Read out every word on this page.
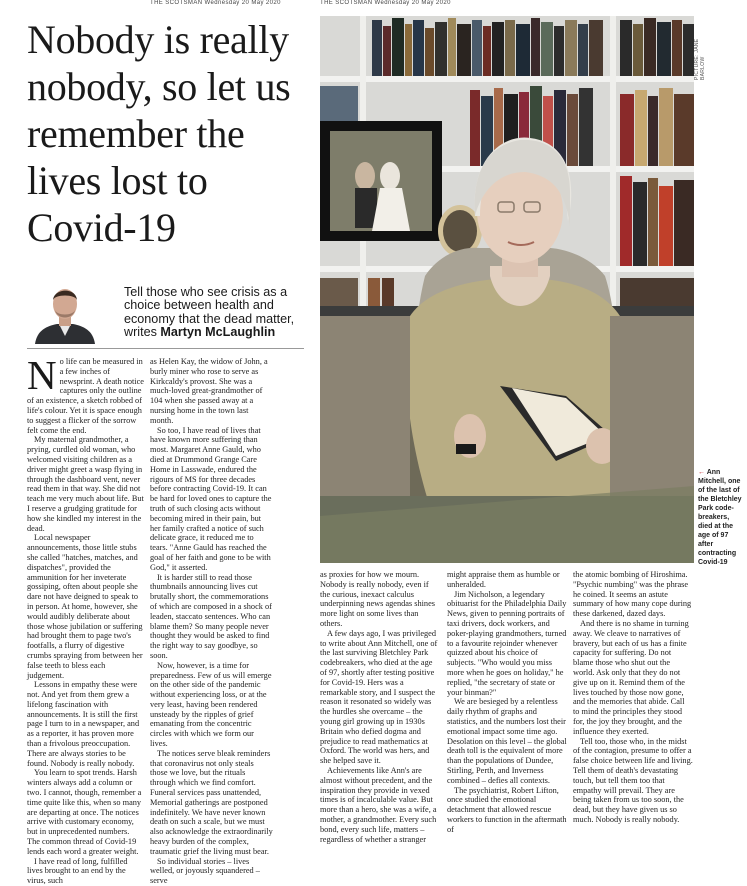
THE SCOTSMAN Wednesday 20 May 2020	THE SCOTSMAN Wednesday 20 May 2020
Nobody is really nobody, so let us remember the lives lost to Covid-19

Tell those who see crisis as a choice between health and economy that the dead matter, writes Martyn McLaughlin

N o life can be measured in a few inches of newsprint. A death notice captures only the outline of an existence, a sketch robbed of life's colour. Yet it is space enough to suggest a flicker of the sorrow felt come the end.

My maternal grandmother, a prying, curdled old woman, who welcomed visiting children as a driver might greet a wasp flying in through the dashboard vent, never read them in that way. She did not teach me very much about life. But I reserve a grudging gratitude for how she kindled my interest in the dead.

Local newspaper announcements, those little stubs she called "hatches, matches, and dispatches", provided the ammunition for her inveterate gossiping, often about people she dare not have deigned to speak to in person. At home, however, she would audibly deliberate about those whose jubilation or suffering had brought them to page two's footfalls, a flurry of digestive crumbs spraying from between her false teeth to bless each judgement.

Lessons in empathy these were not. And yet from them grew a lifelong fascination with announcements. It is still the first page I turn to in a newspaper, and as a reporter, it has proven more than a frivolous preoccupation. There are always stories to be found. Nobody is really nobody.

You learn to spot trends. Harsh winters always add a column or two. I cannot, though, remember a time quite like this, when so many are departing at once. The notices arrive with customary economy, but in unprecedented numbers. The common thread of Covid-19 lends each word a greater weight.

I have read of long, fulfilled lives brought to an end by the virus, such

as Helen Kay, the widow of John, a burly miner who rose to serve as Kirkcaldy's provost. She was a much-loved great-grandmother of 104 when she passed away at a nursing home in the town last month.

So too, I have read of lives that have known more suffering than most. Margaret Anne Gauld, who died at Drummond Grange Care Home in Lasswade, endured the rigours of MS for three decades before contracting Covid-19. It can be hard for loved ones to capture the truth of such closing acts without becoming mired in their pain, but her family crafted a notice of such delicate grace, it reduced me to tears. "Anne Gauld has reached the goal of her faith and gone to be with God," it asserted.

It is harder still to read those thumbnails announcing lives cut brutally short, the commemorations of which are composed in a shock of leaden, staccato sentences. Who can blame them? So many people never thought they would be asked to find the right way to say goodbye, so soon.

Now, however, is a time for preparedness. Few of us will emerge on the other side of the pandemic without experiencing loss, or at the very least, having been rendered unsteady by the ripples of grief emanating from the concentric circles with which we form our lives.

The notices serve bleak reminders that coronavirus not only steals those we love, but the rituals through which we find comfort. Funeral services pass unattended, Memorial gatherings are postponed indefinitely. We have never known death on such a scale, but we must also acknowledge the extraordinarily heavy burden of the complex, traumatic grief the living must bear.

So individual stories – lives welled, or joyously squandered – serve

PICTURE: JANE BARLOW
← Ann Mitchell, one of the last of the Bletchley Park code-breakers, died at the age of 97 after contracting Covid-19

as proxies for how we mourn. Nobody is really nobody, even if the curious, inexact calculus underpinning news agendas shines more light on some lives than others.

A few days ago, I was privileged to write about Ann Mitchell, one of the last surviving Bletchley Park codebreakers, who died at the age of 97, shortly after testing positive for Covid-19. Hers was a remarkable story, and I suspect the reason it resonated so widely was the hurdles she overcame – the young girl growing up in 1930s Britain who defied dogma and prejudice to read mathematics at Oxford. The world was hers, and she helped save it.

Achievements like Ann's are almost without precedent, and the inspiration they provide in vexed times is of incalculable value. But more than a hero, she was a wife, a mother, a grandmother. Every such bond, every such life, matters – regardless of whether a stranger

might appraise them as humble or unheralded.

Jim Nicholson, a legendary obituarist for the Philadelphia Daily News, given to penning portraits of taxi drivers, dock workers, and poker-playing grandmothers, turned to a favourite rejoinder whenever quizzed about his choice of subjects. "Who would you miss more when he goes on holiday," he replied, "the secretary of state or your binman?"

We are besieged by a relentless daily rhythm of graphs and statistics, and the numbers lost their emotional impact some time ago. Desolation on this level – the global death toll is the equivalent of more than the populations of Dundee, Stirling, Perth, and Inverness combined – defies all contexts.

The psychiatrist, Robert Lifton, once studied the emotional detachment that allowed rescue workers to function in the aftermath of

the atomic bombing of Hiroshima. "Psychic numbing" was the phrase he coined. It seems an astute summary of how many cope during these darkened, dazed days.

And there is no shame in turning away. We cleave to narratives of bravery, but each of us has a finite capacity for suffering. Do not blame those who shut out the world. Ask only that they do not give up on it. Remind them of the lives touched by those now gone, and the memories that abide. Call to mind the principles they stood for, the joy they brought, and the influence they exerted.

Tell too, those who, in the midst of the contagion, presume to offer a false choice between life and living. Tell them of death's devastating touch, but tell them too that empathy will prevail. They are being taken from us too soon, the dead, but they have given us so much. Nobody is really nobody.
